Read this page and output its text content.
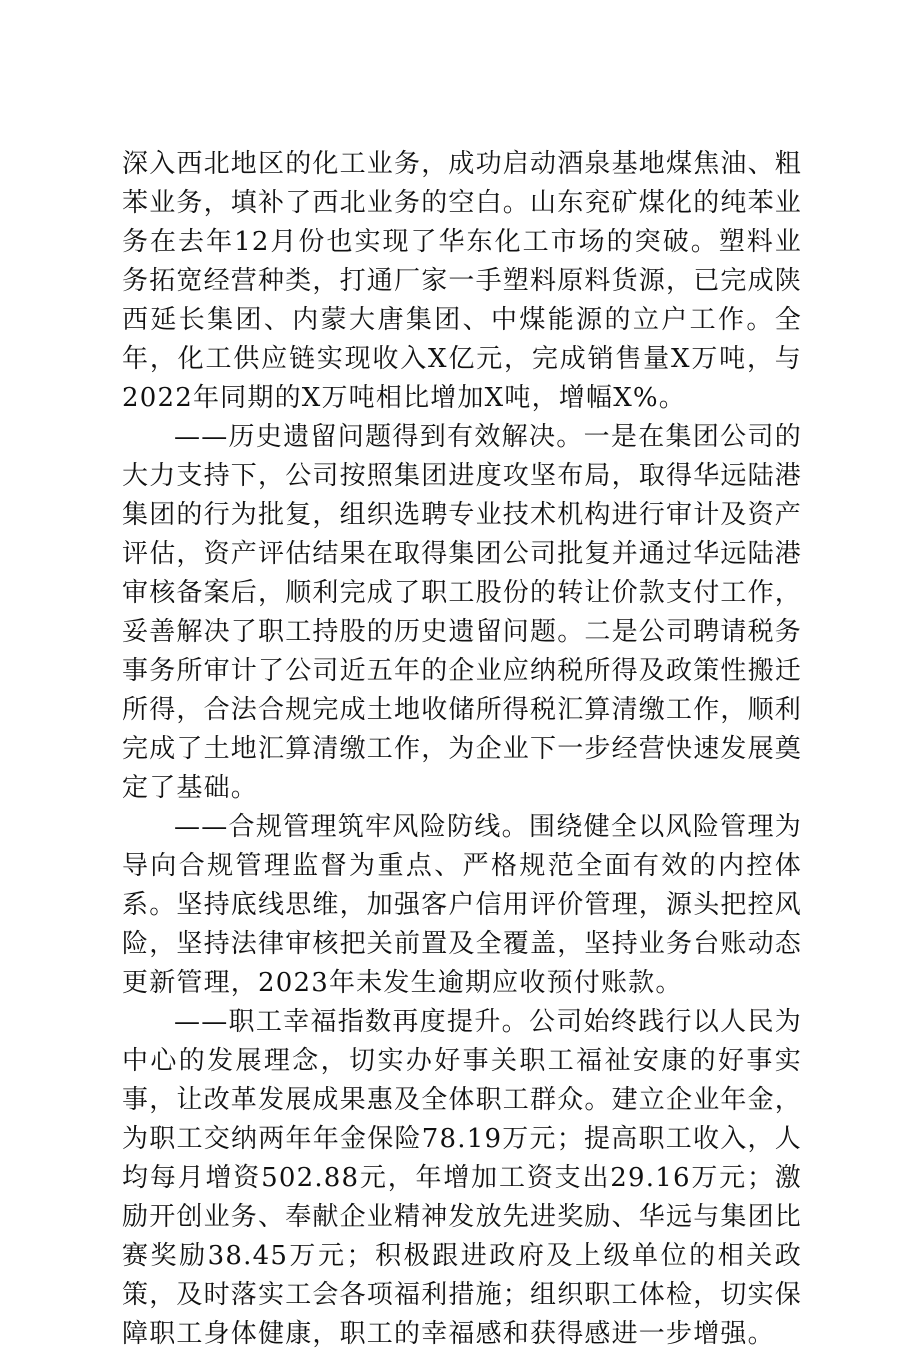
深入西北地区的化工业务，成功启动酒泉基地煤焦油、粗苯业务，填补了西北业务的空白。山东兖矿煤化的纯苯业务在去年12月份也实现了华东化工市场的突破。塑料业务拓宽经营种类，打通厂家一手塑料原料货源，已完成陕西延长集团、内蒙大唐集团、中煤能源的立户工作。全年，化工供应链实现收入X亿元，完成销售量X万吨，与2022年同期的X万吨相比增加X吨，增幅X%。

——历史遗留问题得到有效解决。一是在集团公司的大力支持下，公司按照集团进度攻坚布局，取得华远陆港集团的行为批复，组织选聘专业技术机构进行审计及资产评估，资产评估结果在取得集团公司批复并通过华远陆港审核备案后，顺利完成了职工股份的转让价款支付工作，妥善解决了职工持股的历史遗留问题。二是公司聘请税务事务所审计了公司近五年的企业应纳税所得及政策性搬迁所得，合法合规完成土地收储所得税汇算清缴工作，顺利完成了土地汇算清缴工作，为企业下一步经营快速发展奠定了基础。

——合规管理筑牢风险防线。围绕健全以风险管理为导向合规管理监督为重点、严格规范全面有效的内控体系。坚持底线思维，加强客户信用评价管理，源头把控风险，坚持法律审核把关前置及全覆盖，坚持业务台账动态更新管理，2023年未发生逾期应收预付账款。

——职工幸福指数再度提升。公司始终践行以人民为中心的发展理念，切实办好事关职工福祉安康的好事实事，让改革发展成果惠及全体职工群众。建立企业年金，为职工交纳两年年金保险78.19万元；提高职工收入，人均每月增资502.88元，年增加工资支出29.16万元；激励开创业务、奉献企业精神发放先进奖励、华远与集团比赛奖励38.45万元；积极跟进政府及上级单位的相关政策，及时落实工会各项福利措施；组织职工体检，切实保障职工身体健康，职工的幸福感和获得感进一步增强。
